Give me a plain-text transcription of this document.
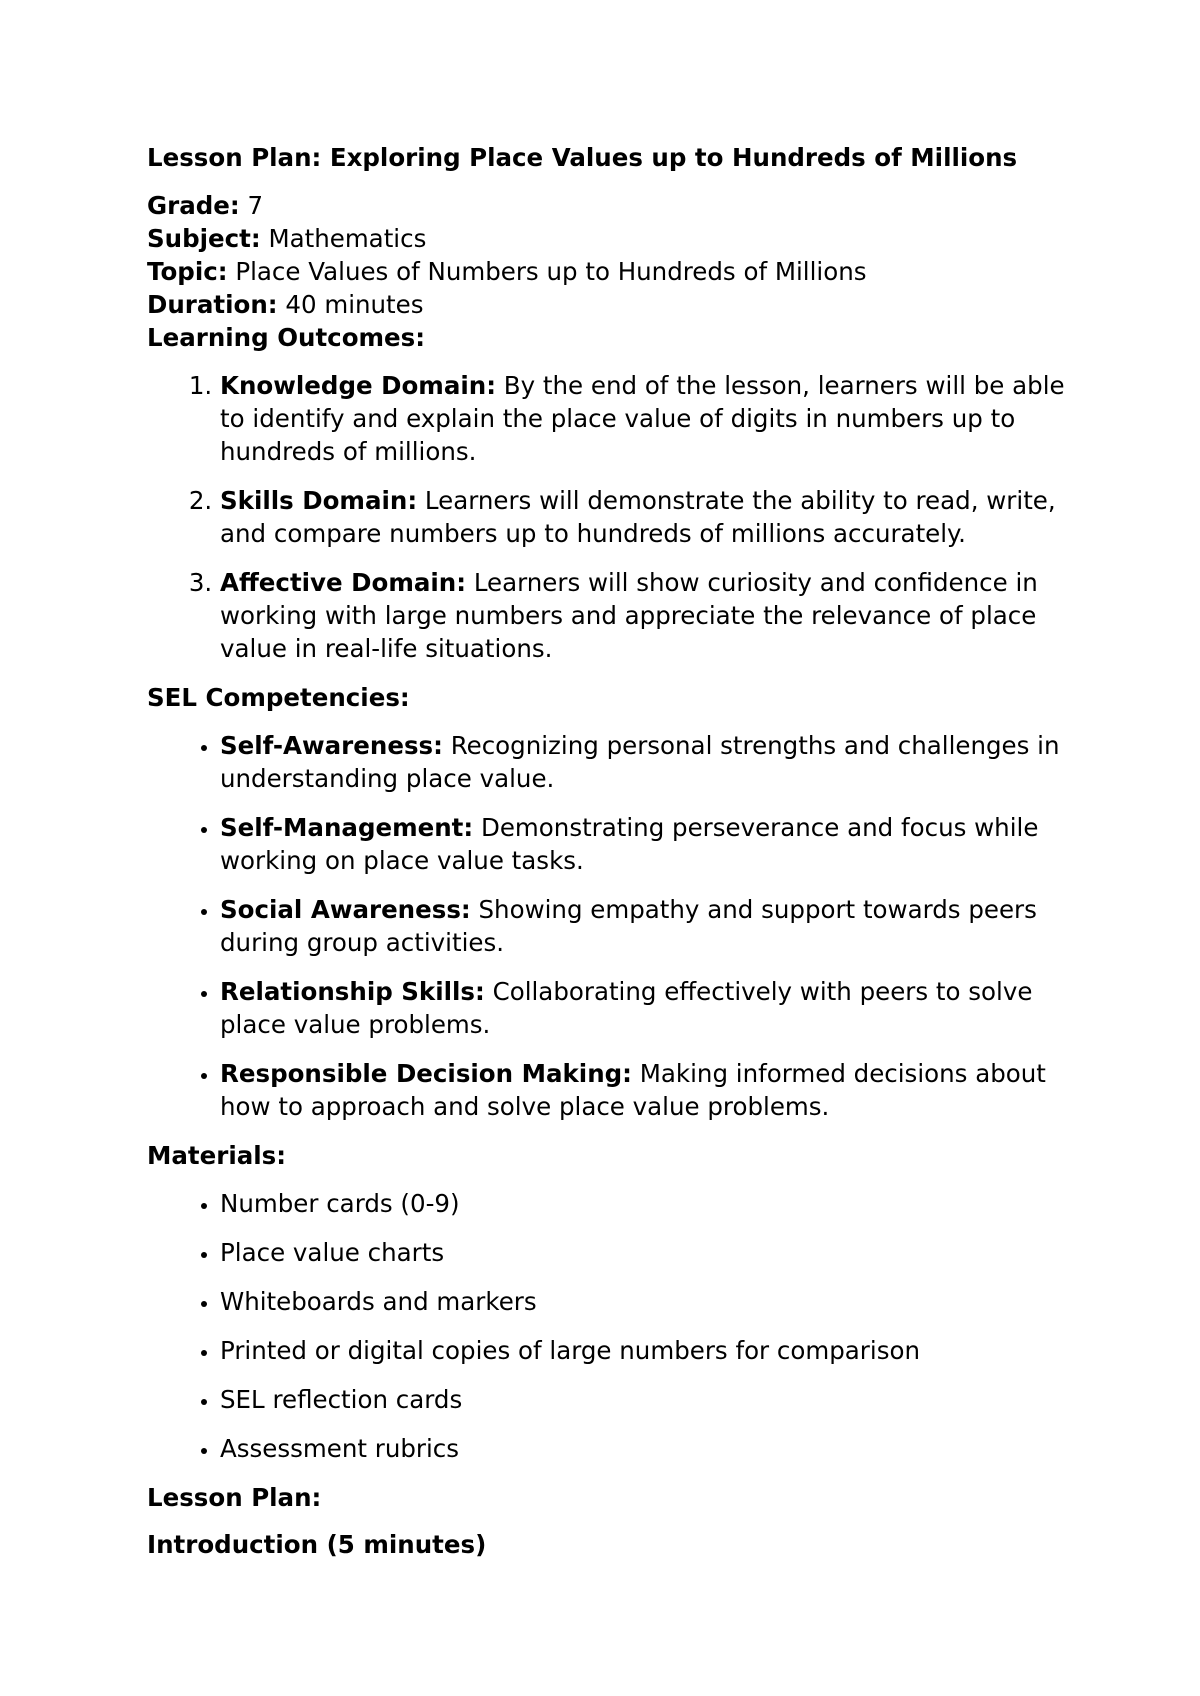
Lesson Plan: Exploring Place Values up to Hundreds of Millions

Grade: 7

Subject: Mathematics

Topic: Place Values of Numbers up to Hundreds of Millions

Duration: 40 minutes

Learning Outcomes:

1. Knowledge Domain: By the end of the lesson, learners will be able to identify and explain the place value of digits in numbers up to hundreds of millions.
2. Skills Domain: Learners will demonstrate the ability to read, write, and compare numbers up to hundreds of millions accurately.
3. Affective Domain: Learners will show curiosity and confidence in working with large numbers and appreciate the relevance of place value in real-life situations.

SEL Competencies:

• Self-Awareness: Recognizing personal strengths and challenges in understanding place value.
• Self-Management: Demonstrating perseverance and focus while working on place value tasks.
• Social Awareness: Showing empathy and support towards peers during group activities.
• Relationship Skills: Collaborating effectively with peers to solve place value problems.
• Responsible Decision Making: Making informed decisions about how to approach and solve place value problems.

Materials:

• Number cards (0-9)
• Place value charts
• Whiteboards and markers
• Printed or digital copies of large numbers for comparison
• SEL reflection cards
• Assessment rubrics

Lesson Plan:

Introduction (5 minutes)
